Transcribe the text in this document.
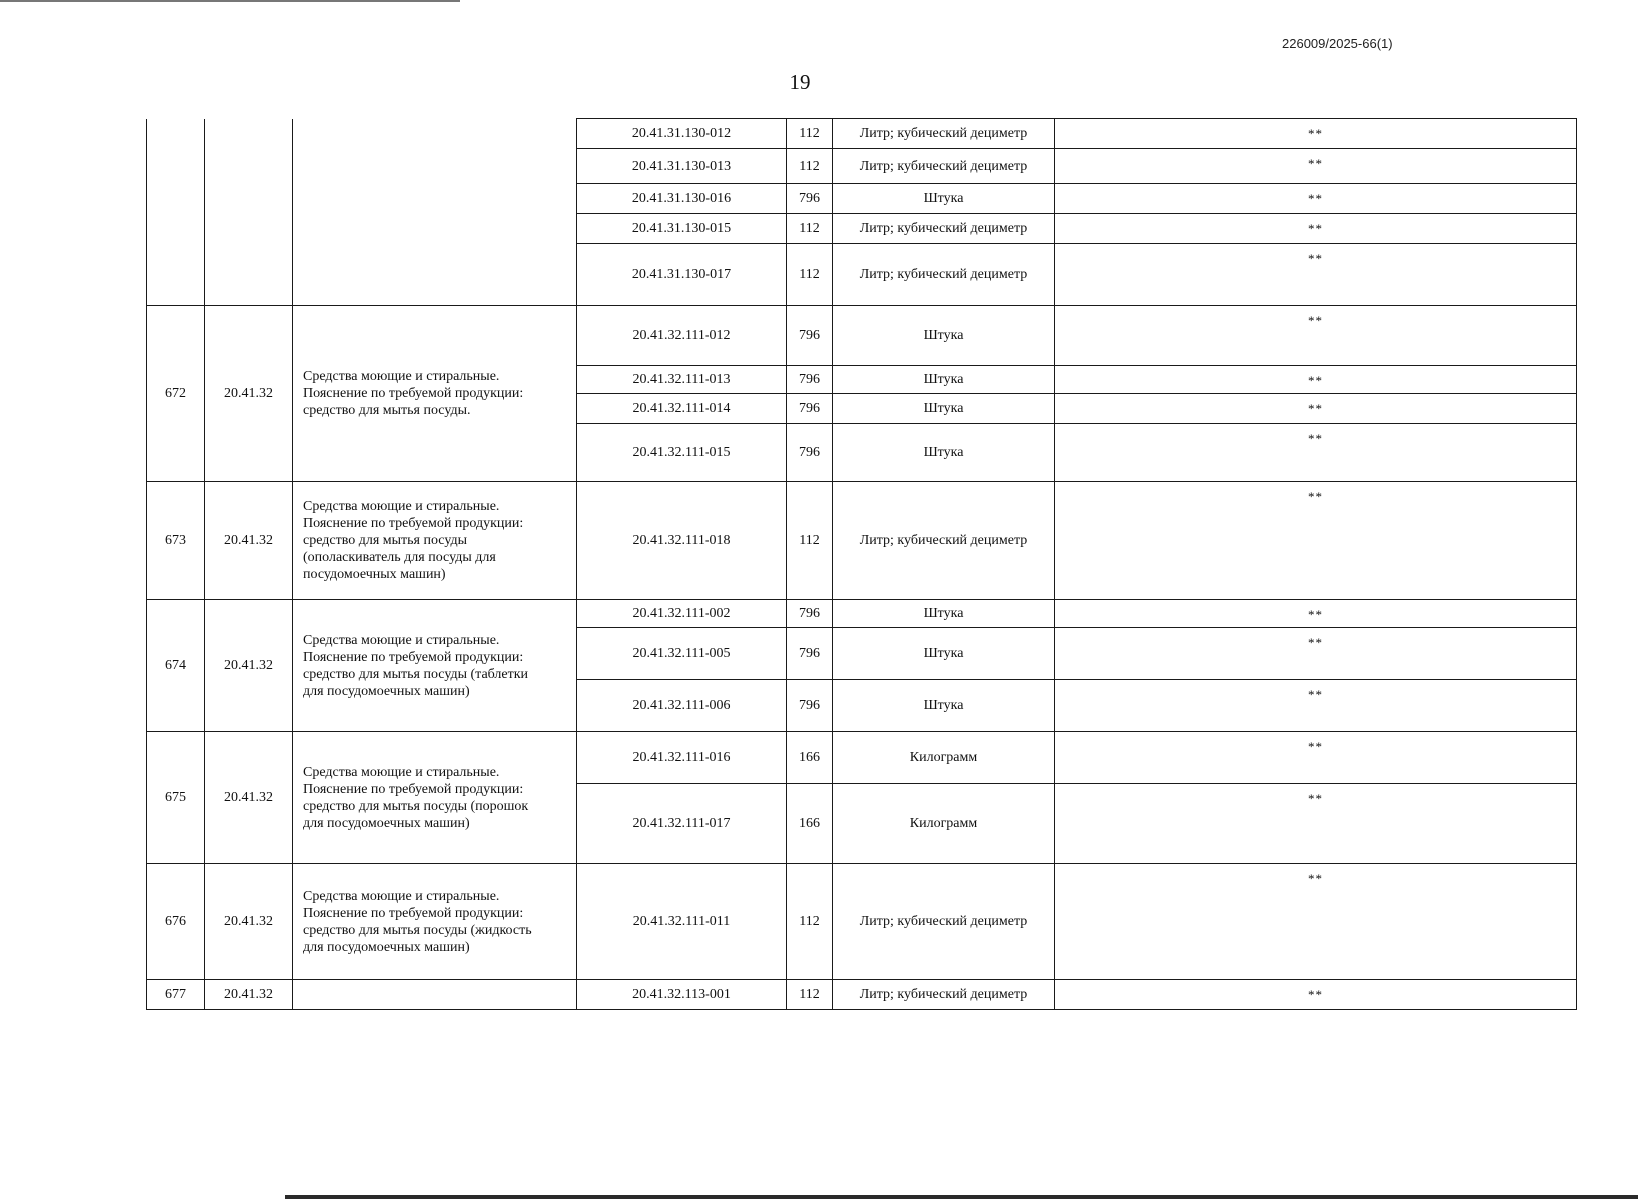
226009/2025-66(1)
19
			20.41.31.130-012	112	Литр; кубический дециметр	**
			20.41.31.130-013	112	Литр; кубический дециметр	**
			20.41.31.130-016	796	Штука	**
			20.41.31.130-015	112	Литр; кубический дециметр	**
			20.41.31.130-017	112	Литр; кубический дециметр	**
672	20.41.32	Средства моющие и стиральные.
Пояснение по требуемой продукции:
средство для мытья посуды.	20.41.32.111-012	796	Штука	**
			20.41.32.111-013	796	Штука	**
			20.41.32.111-014	796	Штука	**
			20.41.32.111-015	796	Штука	**
673	20.41.32	Средства моющие и стиральные.
Пояснение по требуемой продукции:
средство для мытья посуды
(ополаскиватель для посуды для
посудомоечных машин)	20.41.32.111-018	112	Литр; кубический дециметр	**
674	20.41.32	Средства моющие и стиральные.
Пояснение по требуемой продукции:
средство для мытья посуды (таблетки
для посудомоечных машин)	20.41.32.111-002	796	Штука	**
			20.41.32.111-005	796	Штука	**
			20.41.32.111-006	796	Штука	**
675	20.41.32	Средства моющие и стиральные.
Пояснение по требуемой продукции:
средство для мытья посуды (порошок
для посудомоечных машин)	20.41.32.111-016	166	Килограмм	**
			20.41.32.111-017	166	Килограмм	**
676	20.41.32	Средства моющие и стиральные.
Пояснение по требуемой продукции:
средство для мытья посуды (жидкость
для посудомоечных машин)	20.41.32.111-011	112	Литр; кубический дециметр	**
677	20.41.32		20.41.32.113-001	112	Литр; кубический дециметр	**
